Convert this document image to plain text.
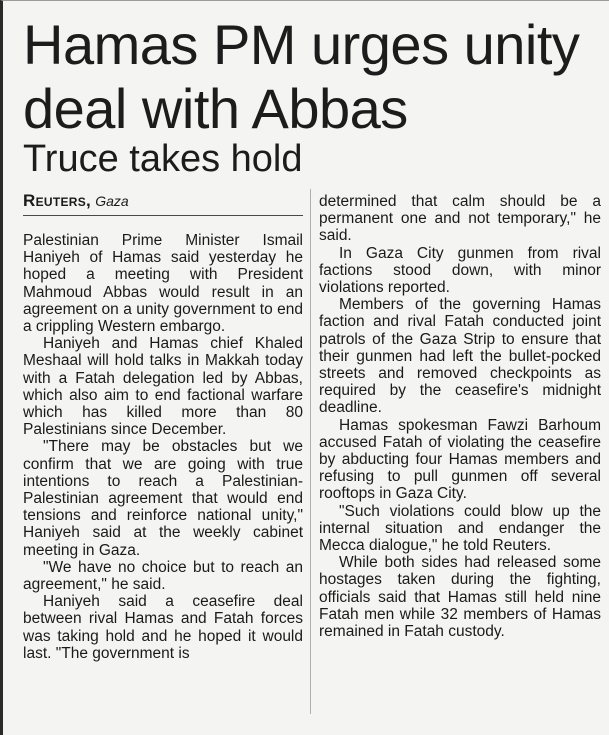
Hamas PM urges unity
deal with Abbas
Truce takes hold
Reuters, Gaza

Palestinian Prime Minister Ismail Haniyeh of Hamas said yesterday he hoped a meeting with President Mahmoud Abbas would result in an agreement on a unity government to end a crippling Western embargo.

Haniyeh and Hamas chief Khaled Meshaal will hold talks in Makkah today with a Fatah delegation led by Abbas, which also aim to end factional warfare which has killed more than 80 Palestinians since December.

"There may be obstacles but we confirm that we are going with true intentions to reach a Palestinian-Palestinian agreement that would end tensions and reinforce national unity," Haniyeh said at the weekly cabinet meeting in Gaza.

"We have no choice but to reach an agreement," he said.

Haniyeh said a ceasefire deal between rival Hamas and Fatah forces was taking hold and he hoped it would last. "The government is

determined that calm should be a permanent one and not temporary," he said.

In Gaza City gunmen from rival factions stood down, with minor violations reported.

Members of the governing Hamas faction and rival Fatah conducted joint patrols of the Gaza Strip to ensure that their gunmen had left the bullet-pocked streets and removed checkpoints as required by the ceasefire's midnight deadline.

Hamas spokesman Fawzi Barhoum accused Fatah of violating the ceasefire by abducting four Hamas members and refusing to pull gunmen off several rooftops in Gaza City.

"Such violations could blow up the internal situation and endanger the Mecca dialogue," he told Reuters.

While both sides had released some hostages taken during the fighting, officials said that Hamas still held nine Fatah men while 32 members of Hamas remained in Fatah custody.
